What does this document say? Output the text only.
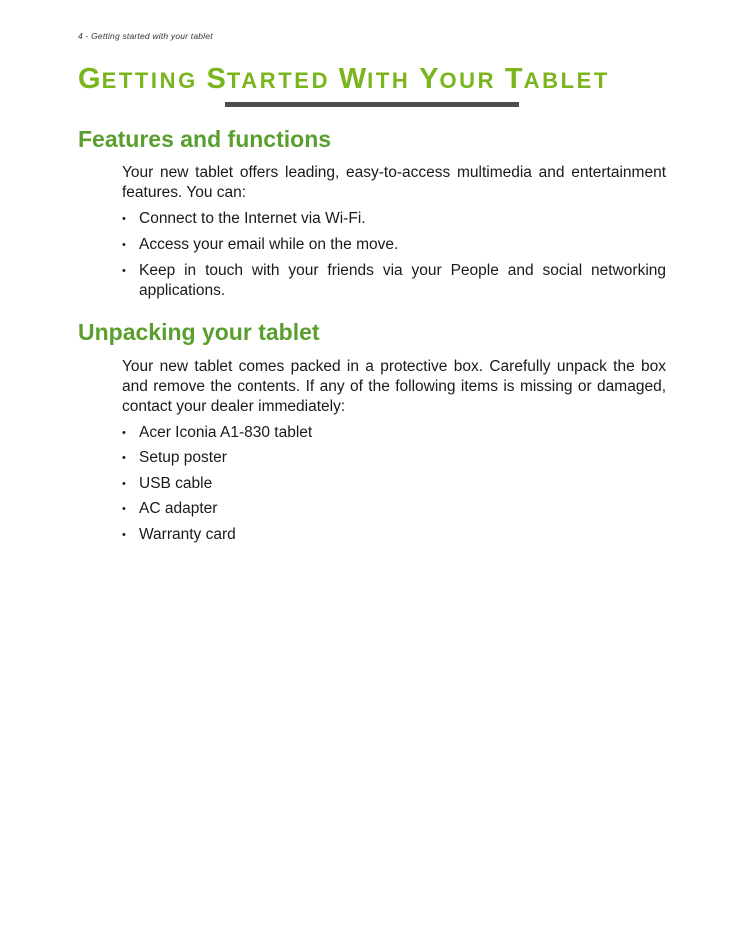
4 - Getting started with your tablet
GETTING STARTED WITH YOUR TABLET
Features and functions

Your new tablet offers leading, easy-to-access multimedia and entertainment features. You can:

• Connect to the Internet via Wi-Fi.
• Access your email while on the move.
• Keep in touch with your friends via your People and social networking applications.
Unpacking your tablet

Your new tablet comes packed in a protective box. Carefully unpack the box and remove the contents. If any of the following items is missing or damaged, contact your dealer immediately:

• Acer Iconia A1-830 tablet
• Setup poster
• USB cable
• AC adapter
• Warranty card
